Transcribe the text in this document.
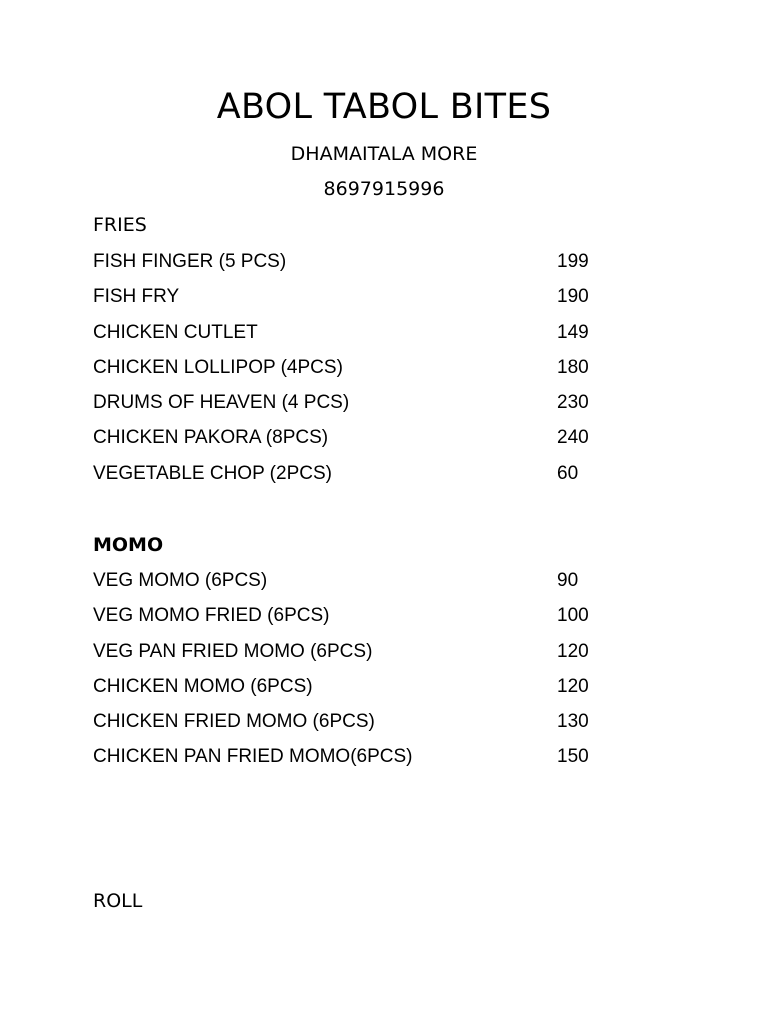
ABOL TABOL BITES
DHAMAITALA MORE
8697915996
FRIES
FISH FINGER (5 PCS)	199
FISH FRY	190
CHICKEN CUTLET	149
CHICKEN LOLLIPOP (4PCS)	180
DRUMS OF HEAVEN (4 PCS)	230
CHICKEN PAKORA (8PCS)	240
VEGETABLE CHOP (2PCS)	60
MOMO
VEG MOMO (6PCS)	90
VEG MOMO FRIED (6PCS)	100
VEG PAN FRIED MOMO (6PCS)	120
CHICKEN MOMO (6PCS)	120
CHICKEN FRIED MOMO (6PCS)	130
CHICKEN PAN FRIED MOMO(6PCS)	150
ROLL
